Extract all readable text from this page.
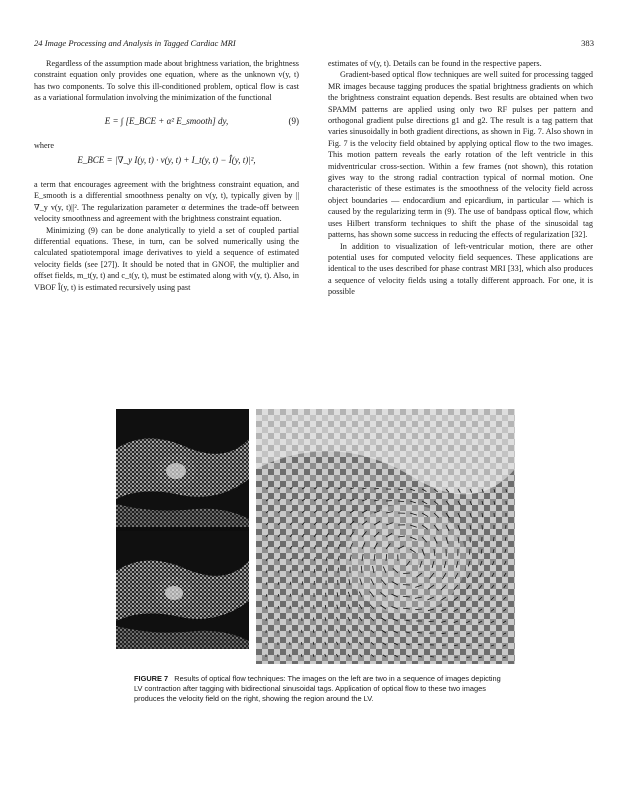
24 Image Processing and Analysis in Tagged Cardiac MRI	383

Regardless of the assumption made about brightness variation, the brightness constraint equation only provides one equation, where as the unknown v(y, t) has two components. To solve this ill-conditioned problem, optical flow is cast as a variational formulation involving the minimization of the functional

E = ∫ [E_BCE + α² E_smooth] dy,	(9)

where

E_BCE = |∇_y I(y, t) · v(y, t) + I_t(y, t) − Î(y, t)|²,

a term that encourages agreement with the brightness constraint equation, and E_smooth is a differential smoothness penalty on v(y, t), typically given by ||∇_y v(y, t)||². The regularization parameter α determines the trade-off between velocity smoothness and agreement with the brightness constraint equation.

Minimizing (9) can be done analytically to yield a set of coupled partial differential equations. These, in turn, can be solved numerically using the calculated spatiotemporal image derivatives to yield a sequence of estimated velocity fields (see [27]). It should be noted that in GNOF, the multiplier and offset fields, m_t(y, t) and c_t(y, t), must be estimated along with v(y, t). Also, in VBOF Î(y, t) is estimated recursively using past

estimates of v(y, t). Details can be found in the respective papers.

Gradient-based optical flow techniques are well suited for processing tagged MR images because tagging produces the spatial brightness gradients on which the brightness constraint equation depends. Best results are obtained when two SPAMM patterns are applied using only two RF pulses per pattern and orthogonal gradient pulse directions g1 and g2. The result is a tag pattern that varies sinusoidally in both gradient directions, as shown in Fig. 7. Also shown in Fig. 7 is the velocity field obtained by applying optical flow to the two images. This motion pattern reveals the early rotation of the left ventricle in this midventricular cross-section. Within a few frames (not shown), this rotation gives way to the strong radial contraction typical of normal motion. One characteristic of these estimates is the smoothness of the velocity field across object boundaries — endocardium and epicardium, in particular — which is caused by the regularizing term in (9). The use of bandpass optical flow, which uses Hilbert transform techniques to shift the phase of the sinusoidal tag patterns, has shown some success in reducing the effects of regularization [32].

In addition to visualization of left-ventricular motion, there are other potential uses for computed velocity field sequences. These applications are identical to the uses described for phase contrast MRI [33], which also produces a sequence of velocity fields using a totally different approach. For one, it is possible

FIGURE 7 Results of optical flow techniques: The images on the left are two in a sequence of images depicting LV contraction after tagging with bidirectional sinusoidal tags. Application of optical flow to these two images produces the velocity field on the right, showing the region around the LV.
